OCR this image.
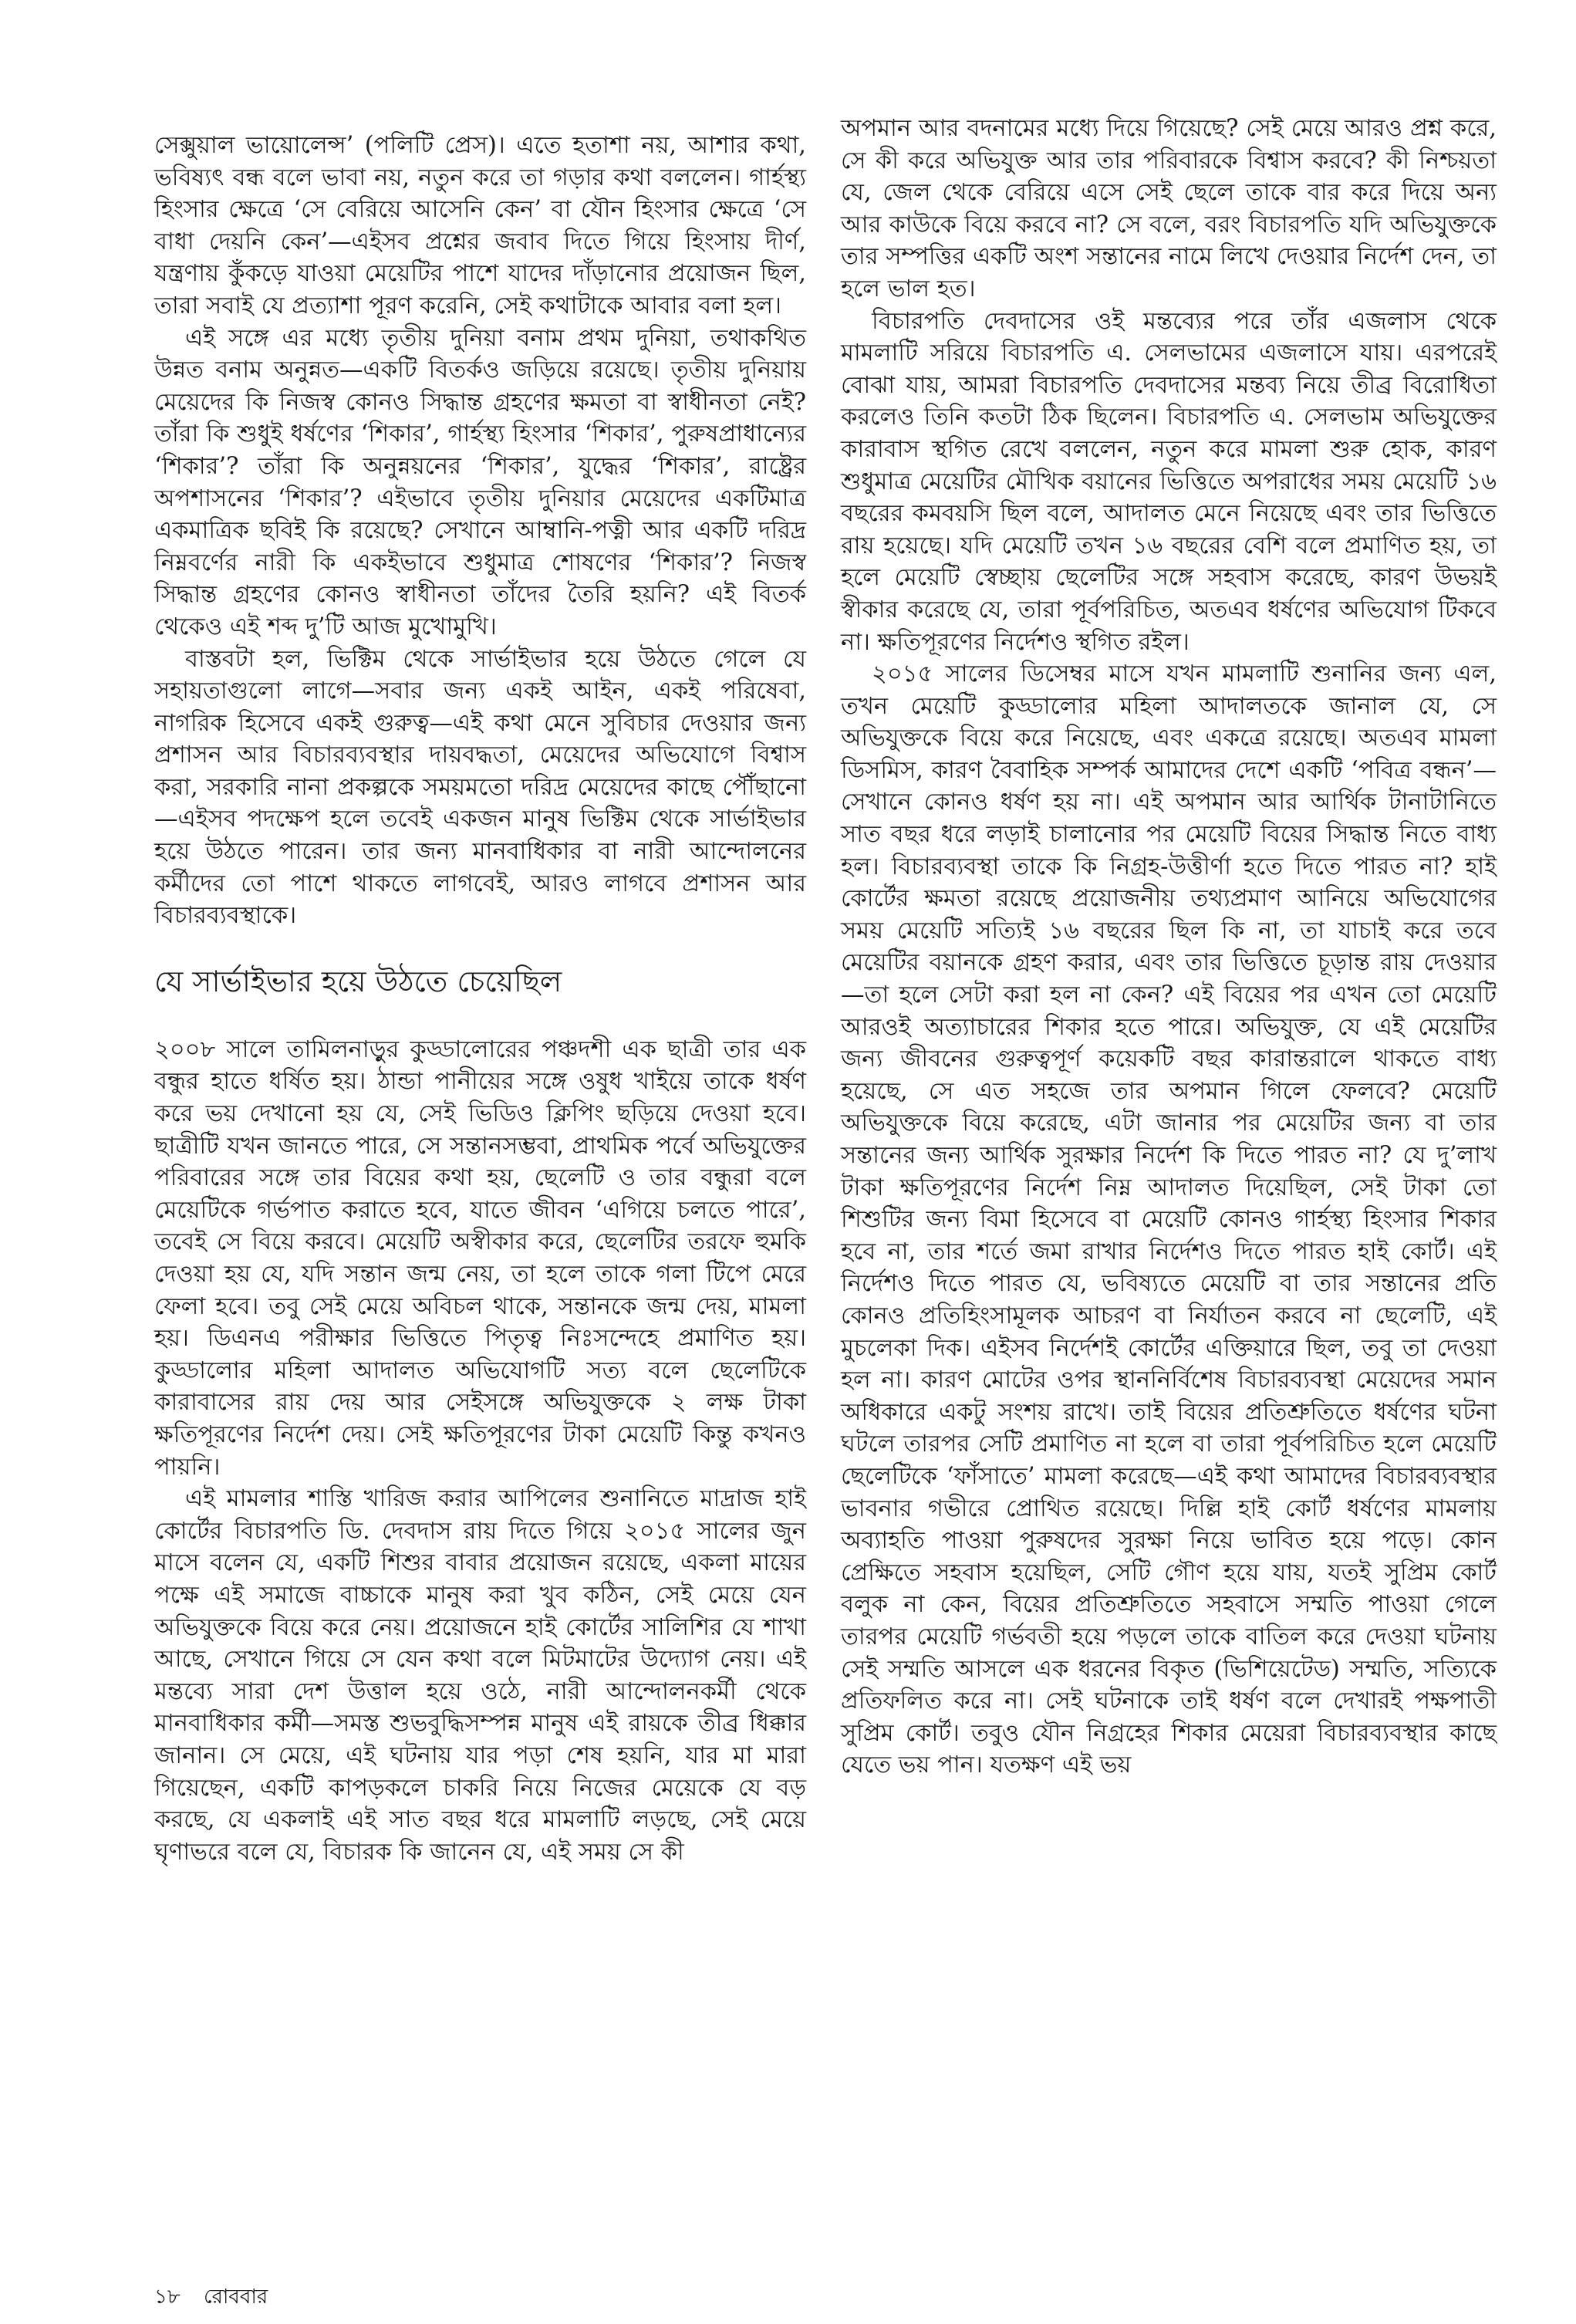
সেক্সুয়াল ভায়োলেন্স’ (পলিটি প্রেস)। এতে হতাশা নয়, আশার কথা, ভবিষ্যৎ বন্ধ বলে ভাবা নয়, নতুন করে তা গড়ার কথা বললেন। গার্হস্থ্য হিংসার ক্ষেত্রে ‘সে বেরিয়ে আসেনি কেন’ বা যৌন হিংসার ক্ষেত্রে ‘সে বাধা দেয়নি কেন’—এইসব প্রশ্নের জবাব দিতে গিয়ে হিংসায় দীর্ণ, যন্ত্রণায় কুঁকড়ে যাওয়া মেয়েটির পাশে যাদের দাঁড়ানোর প্রয়োজন ছিল, তারা সবাই যে প্রত্যাশা পূরণ করেনি, সেই কথাটাকে আবার বলা হল।

এই সঙ্গে এর মধ্যে তৃতীয় দুনিয়া বনাম প্রথম দুনিয়া, তথাকথিত উন্নত বনাম অনুন্নত—একটি বিতর্কও জড়িয়ে রয়েছে। তৃতীয় দুনিয়ায় মেয়েদের কি নিজস্ব কোনও সিদ্ধান্ত গ্রহণের ক্ষমতা বা স্বাধীনতা নেই? তাঁরা কি শুধুই ধর্ষণের ‘শিকার’, গার্হস্থ্য হিংসার ‘শিকার’, পুরুষপ্রাধান্যের ‘শিকার’? তাঁরা কি অনুন্নয়নের ‘শিকার’, যুদ্ধের ‘শিকার’, রাষ্ট্রের অপশাসনের ‘শিকার’? এইভাবে তৃতীয় দুনিয়ার মেয়েদের একটিমাত্র একমাত্রিক ছবিই কি রয়েছে? সেখানে আম্বানি-পত্নী আর একটি দরিদ্র নিম্নবর্ণের নারী কি একইভাবে শুধুমাত্র শোষণের ‘শিকার’? নিজস্ব সিদ্ধান্ত গ্রহণের কোনও স্বাধীনতা তাঁদের তৈরি হয়নি? এই বিতর্ক থেকেও এই শব্দ দু’টি আজ মুখোমুখি।

বাস্তবটা হল, ভিক্টিম থেকে সার্ভাইভার হয়ে উঠতে গেলে যে সহায়তাগুলো লাগে—সবার জন্য একই আইন, একই পরিষেবা, নাগরিক হিসেবে একই গুরুত্ব—এই কথা মেনে সুবিচার দেওয়ার জন্য প্রশাসন আর বিচারব্যবস্থার দায়বদ্ধতা, মেয়েদের অভিযোগে বিশ্বাস করা, সরকারি নানা প্রকল্পকে সময়মতো দরিদ্র মেয়েদের কাছে পৌঁছানো—এইসব পদক্ষেপ হলে তবেই একজন মানুষ ভিক্টিম থেকে সার্ভাইভার হয়ে উঠতে পারেন। তার জন্য মানবাধিকার বা নারী আন্দোলনের কর্মীদের তো পাশে থাকতে লাগবেই, আরও লাগবে প্রশাসন আর বিচারব্যবস্থাকে।

যে সার্ভাইভার হয়ে উঠতে চেয়েছিল

২০০৮ সালে তামিলনাড়ুর কুড্ডালোরের পঞ্চদশী এক ছাত্রী তার এক বন্ধুর হাতে ধর্ষিত হয়। ঠান্ডা পানীয়ের সঙ্গে ওষুধ খাইয়ে তাকে ধর্ষণ করে ভয় দেখানো হয় যে, সেই ভিডিও ক্লিপিং ছড়িয়ে দেওয়া হবে। ছাত্রীটি যখন জানতে পারে, সে সন্তানসম্ভবা, প্রাথমিক পর্বে অভিযুক্তের পরিবারের সঙ্গে তার বিয়ের কথা হয়, ছেলেটি ও তার বন্ধুরা বলে মেয়েটিকে গর্ভপাত করাতে হবে, যাতে জীবন ‘এগিয়ে চলতে পারে’, তবেই সে বিয়ে করবে। মেয়েটি অস্বীকার করে, ছেলেটির তরফে হুমকি দেওয়া হয় যে, যদি সন্তান জন্ম নেয়, তা হলে তাকে গলা টিপে মেরে ফেলা হবে। তবু সেই মেয়ে অবিচল থাকে, সন্তানকে জন্ম দেয়, মামলা হয়। ডিএনএ পরীক্ষার ভিত্তিতে পিতৃত্ব নিঃসন্দেহে প্রমাণিত হয়। কুড্ডালোর মহিলা আদালত অভিযোগটি সত্য বলে ছেলেটিকে কারাবাসের রায় দেয় আর সেইসঙ্গে অভিযুক্তকে ২ লক্ষ টাকা ক্ষতিপূরণের নির্দেশ দেয়। সেই ক্ষতিপূরণের টাকা মেয়েটি কিন্তু কখনও পায়নি।

এই মামলার শাস্তি খারিজ করার আপিলের শুনানিতে মাদ্রাজ হাই কোর্টের বিচারপতি ডি. দেবদাস রায় দিতে গিয়ে ২০১৫ সালের জুন মাসে বলেন যে, একটি শিশুর বাবার প্রয়োজন রয়েছে, একলা মায়ের পক্ষে এই সমাজে বাচ্চাকে মানুষ করা খুব কঠিন, সেই মেয়ে যেন অভিযুক্তকে বিয়ে করে নেয়। প্রয়োজনে হাই কোর্টের সালিশির যে শাখা আছে, সেখানে গিয়ে সে যেন কথা বলে মিটমাটের উদ্যোগ নেয়। এই মন্তব্যে সারা দেশ উত্তাল হয়ে ওঠে, নারী আন্দোলনকর্মী থেকে মানবাধিকার কর্মী—সমস্ত শুভবুদ্ধিসম্পন্ন মানুষ এই রায়কে তীব্র ধিক্কার জানান। সে মেয়ে, এই ঘটনায় যার পড়া শেষ হয়নি, যার মা মারা গিয়েছেন, একটি কাপড়কলে চাকরি নিয়ে নিজের মেয়েকে যে বড় করছে, যে একলাই এই সাত বছর ধরে মামলাটি লড়ছে, সেই মেয়ে ঘৃণাভরে বলে যে, বিচারক কি জানেন যে, এই সময় সে কী

অপমান আর বদনামের মধ্যে দিয়ে গিয়েছে? সেই মেয়ে আরও প্রশ্ন করে, সে কী করে অভিযুক্ত আর তার পরিবারকে বিশ্বাস করবে? কী নিশ্চয়তা যে, জেল থেকে বেরিয়ে এসে সেই ছেলে তাকে বার করে দিয়ে অন্য আর কাউকে বিয়ে করবে না? সে বলে, বরং বিচারপতি যদি অভিযুক্তকে তার সম্পত্তির একটি অংশ সন্তানের নামে লিখে দেওয়ার নির্দেশ দেন, তা হলে ভাল হত।

বিচারপতি দেবদাসের ওই মন্তব্যের পরে তাঁর এজলাস থেকে মামলাটি সরিয়ে বিচারপতি এ. সেলভামের এজলাসে যায়। এরপরেই বোঝা যায়, আমরা বিচারপতি দেবদাসের মন্তব্য নিয়ে তীব্র বিরোধিতা করলেও তিনি কতটা ঠিক ছিলেন। বিচারপতি এ. সেলভাম অভিযুক্তের কারাবাস স্থগিত রেখে বললেন, নতুন করে মামলা শুরু হোক, কারণ শুধুমাত্র মেয়েটির মৌখিক বয়ানের ভিত্তিতে অপরাধের সময় মেয়েটি ১৬ বছরের কমবয়সি ছিল বলে, আদালত মেনে নিয়েছে এবং তার ভিত্তিতে রায় হয়েছে। যদি মেয়েটি তখন ১৬ বছরের বেশি বলে প্রমাণিত হয়, তা হলে মেয়েটি স্বেচ্ছায় ছেলেটির সঙ্গে সহবাস করেছে, কারণ উভয়ই স্বীকার করেছে যে, তারা পূর্বপরিচিত, অতএব ধর্ষণের অভিযোগ টিকবে না। ক্ষতিপূরণের নির্দেশও স্থগিত রইল।

২০১৫ সালের ডিসেম্বর মাসে যখন মামলাটি শুনানির জন্য এল, তখন মেয়েটি কুড্ডালোর মহিলা আদালতকে জানাল যে, সে অভিযুক্তকে বিয়ে করে নিয়েছে, এবং একত্রে রয়েছে। অতএব মামলা ডিসমিস, কারণ বৈবাহিক সম্পর্ক আমাদের দেশে একটি ‘পবিত্র বন্ধন’—সেখানে কোনও ধর্ষণ হয় না। এই অপমান আর আর্থিক টানাটানিতে সাত বছর ধরে লড়াই চালানোর পর মেয়েটি বিয়ের সিদ্ধান্ত নিতে বাধ্য হল। বিচারব্যবস্থা তাকে কি নিগ্রহ-উত্তীর্ণা হতে দিতে পারত না? হাই কোর্টের ক্ষমতা রয়েছে প্রয়োজনীয় তথ্যপ্রমাণ আনিয়ে অভিযোগের সময় মেয়েটি সত্যিই ১৬ বছরের ছিল কি না, তা যাচাই করে তবে মেয়েটির বয়ানকে গ্রহণ করার, এবং তার ভিত্তিতে চূড়ান্ত রায় দেওয়ার—তা হলে সেটা করা হল না কেন? এই বিয়ের পর এখন তো মেয়েটি আরওই অত্যাচারের শিকার হতে পারে। অভিযুক্ত, যে এই মেয়েটির জন্য জীবনের গুরুত্বপূর্ণ কয়েকটি বছর কারান্তরালে থাকতে বাধ্য হয়েছে, সে এত সহজে তার অপমান গিলে ফেলবে? মেয়েটি অভিযুক্তকে বিয়ে করেছে, এটা জানার পর মেয়েটির জন্য বা তার সন্তানের জন্য আর্থিক সুরক্ষার নির্দেশ কি দিতে পারত না? যে দু’লাখ টাকা ক্ষতিপূরণের নির্দেশ নিম্ন আদালত দিয়েছিল, সেই টাকা তো শিশুটির জন্য বিমা হিসেবে বা মেয়েটি কোনও গার্হস্থ্য হিংসার শিকার হবে না, তার শর্তে জমা রাখার নির্দেশও দিতে পারত হাই কোর্ট। এই নির্দেশও দিতে পারত যে, ভবিষ্যতে মেয়েটি বা তার সন্তানের প্রতি কোনও প্রতিহিংসামূলক আচরণ বা নির্যাতন করবে না ছেলেটি, এই মুচলেকা দিক। এইসব নির্দেশই কোর্টের এক্তিয়ারে ছিল, তবু তা দেওয়া হল না। কারণ মোটের ওপর স্থাননির্বিশেষ বিচারব্যবস্থা মেয়েদের সমান অধিকারে একটু সংশয় রাখে। তাই বিয়ের প্রতিশ্রুতিতে ধর্ষণের ঘটনা ঘটলে তারপর সেটি প্রমাণিত না হলে বা তারা পূর্বপরিচিত হলে মেয়েটি ছেলেটিকে ‘ফাঁসাতে’ মামলা করেছে—এই কথা আমাদের বিচারব্যবস্থার ভাবনার গভীরে প্রোথিত রয়েছে। দিল্লি হাই কোর্ট ধর্ষণের মামলায় অব্যাহতি পাওয়া পুরুষদের সুরক্ষা নিয়ে ভাবিত হয়ে পড়ে। কোন প্রেক্ষিতে সহবাস হয়েছিল, সেটি গৌণ হয়ে যায়, যতই সুপ্রিম কোর্ট বলুক না কেন, বিয়ের প্রতিশ্রুতিতে সহবাসে সম্মতি পাওয়া গেলে তারপর মেয়েটি গর্ভবতী হয়ে পড়লে তাকে বাতিল করে দেওয়া ঘটনায় সেই সম্মতি আসলে এক ধরনের বিকৃত (ভিশিয়েটেড) সম্মতি, সত্যিকে প্রতিফলিত করে না। সেই ঘটনাকে তাই ধর্ষণ বলে দেখারই পক্ষপাতী সুপ্রিম কোর্ট। তবুও যৌন নিগ্রহের শিকার মেয়েরা বিচারব্যবস্থার কাছে যেতে ভয় পান। যতক্ষণ এই ভয়

১৮ রোববার
